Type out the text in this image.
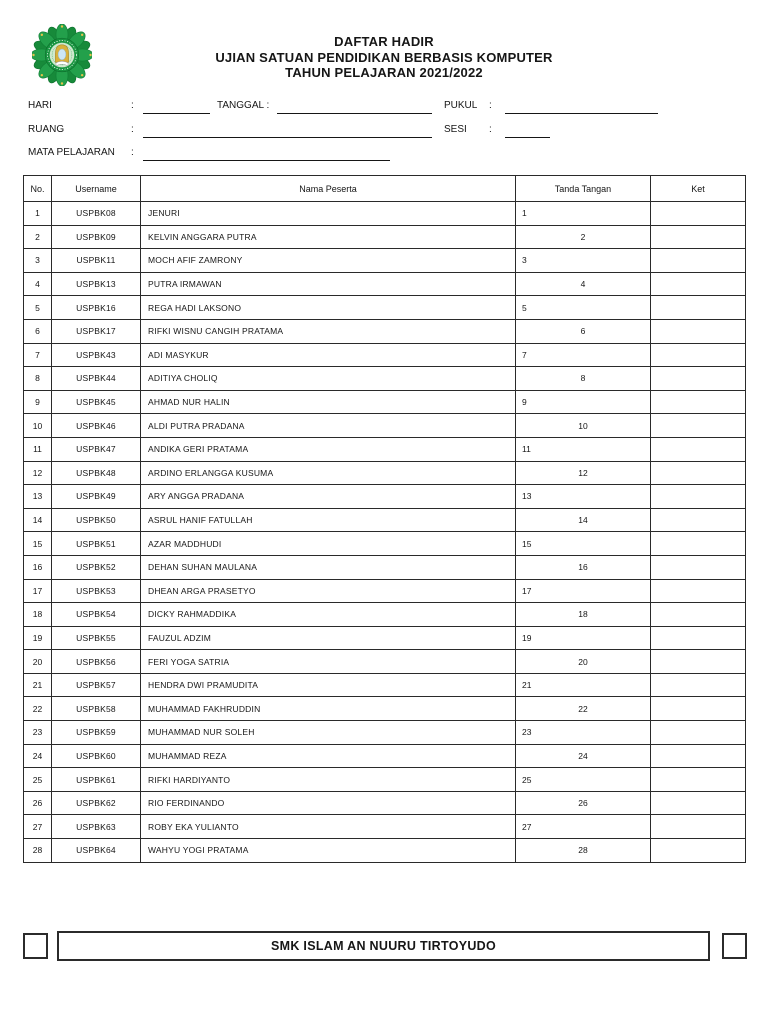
DAFTAR HADIR
UJIAN SATUAN PENDIDIKAN BERBASIS KOMPUTER
TAHUN PELAJARAN 2021/2022
HARI	:	TANGGAL :	PUKUL :
RUANG	:	SESI :
MATA PELAJARAN :
No.	Username	Nama Peserta	Tanda Tangan	Ket
1	USPBK08	JENURI	1	
2	USPBK09	KELVIN ANGGARA PUTRA	2	
3	USPBK11	MOCH AFIF ZAMRONY	3	
4	USPBK13	PUTRA IRMAWAN	4	
5	USPBK16	REGA HADI LAKSONO	5	
6	USPBK17	RIFKI WISNU CANGIH PRATAMA	6	
7	USPBK43	ADI MASYKUR	7	
8	USPBK44	ADITIYA CHOLIQ	8	
9	USPBK45	AHMAD NUR HALIN	9	
10	USPBK46	ALDI PUTRA PRADANA	10	
11	USPBK47	ANDIKA GERI PRATAMA	11	
12	USPBK48	ARDINO ERLANGGA KUSUMA	12	
13	USPBK49	ARY ANGGA PRADANA	13	
14	USPBK50	ASRUL HANIF FATULLAH	14	
15	USPBK51	AZAR MADDHUDI	15	
16	USPBK52	DEHAN SUHAN MAULANA	16	
17	USPBK53	DHEAN ARGA PRASETYO	17	
18	USPBK54	DICKY RAHMADDIKA	18	
19	USPBK55	FAUZUL ADZIM	19	
20	USPBK56	FERI YOGA SATRIA	20	
21	USPBK57	HENDRA DWI PRAMUDITA	21	
22	USPBK58	MUHAMMAD FAKHRUDDIN	22	
23	USPBK59	MUHAMMAD NUR SOLEH	23	
24	USPBK60	MUHAMMAD REZA	24	
25	USPBK61	RIFKI HARDIYANTO	25	
26	USPBK62	RIO FERDINANDO	26	
27	USPBK63	ROBY EKA YULIANTO	27	
28	USPBK64	WAHYU YOGI PRATAMA	28	
SMK ISLAM AN NUURU TIRTOYUDO
